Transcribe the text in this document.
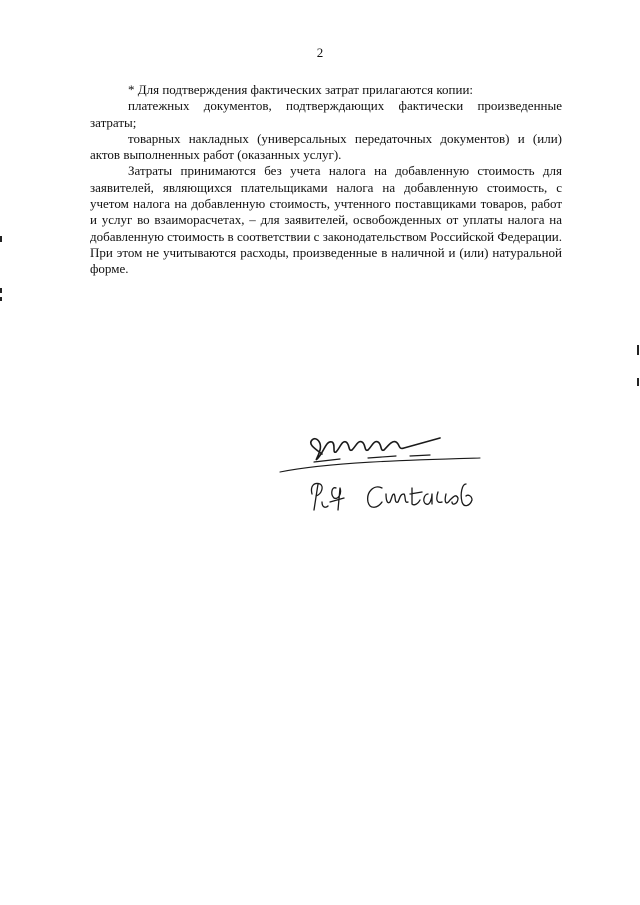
2

* Для подтверждения фактических затрат прилагаются копии:

платежных документов, подтверждающих фактически произведенные затраты;

товарных накладных (универсальных передаточных документов) и (или) актов выполненных работ (оказанных услуг).

Затраты принимаются без учета налога на добавленную стоимость для заявителей, являющихся плательщиками налога на добавленную стоимость, с учетом налога на добавленную стоимость, учтенного поставщиками товаров, работ и услуг во взаиморасчетах, – для заявителей, освобожденных от уплаты налога на добавленную стоимость в соответствии с законодательством Российской Федерации. При этом не учитываются расходы, произведенные в наличной и (или) натуральной форме.
